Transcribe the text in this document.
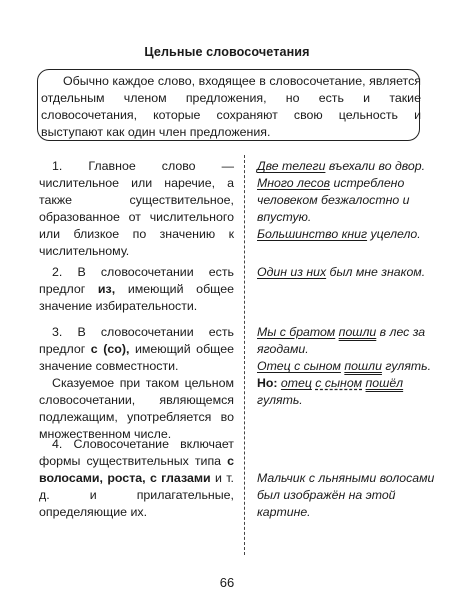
Цельные словосочетания
Обычно каждое слово, входящее в словосочетание, является отдельным членом предложения, но есть и такие словосочетания, которые сохраняют свою цельность и выступают как один член предложения.

1. Главное слово — числительное или наречие, а также существительное, образованное от числительного или близкое по значению к числительному.

Две телеги въехали во двор.

Много лесов истреблено человеком безжалостно и впустую.

Большинство книг уцелело.

2. В словосочетании есть предлог из, имеющий общее значение избирательности.

Один из них был мне знаком.

3. В словосочетании есть предлог с (со), имеющий общее значение совместности.

Сказуемое при таком цельном словосочетании, являющемся подлежащим, употребляется во множественном числе.

Мы с братом пошли в лес за ягодами.

Отец с сыном пошли гулять.

Но: отец с сыном пошёл гулять.

4. Словосочетание включает формы существительных типа с волосами, роста, с глазами и т. д. и прилагательные, определяющие их.

Мальчик с льняными волосами был изображён на этой картине.

66
